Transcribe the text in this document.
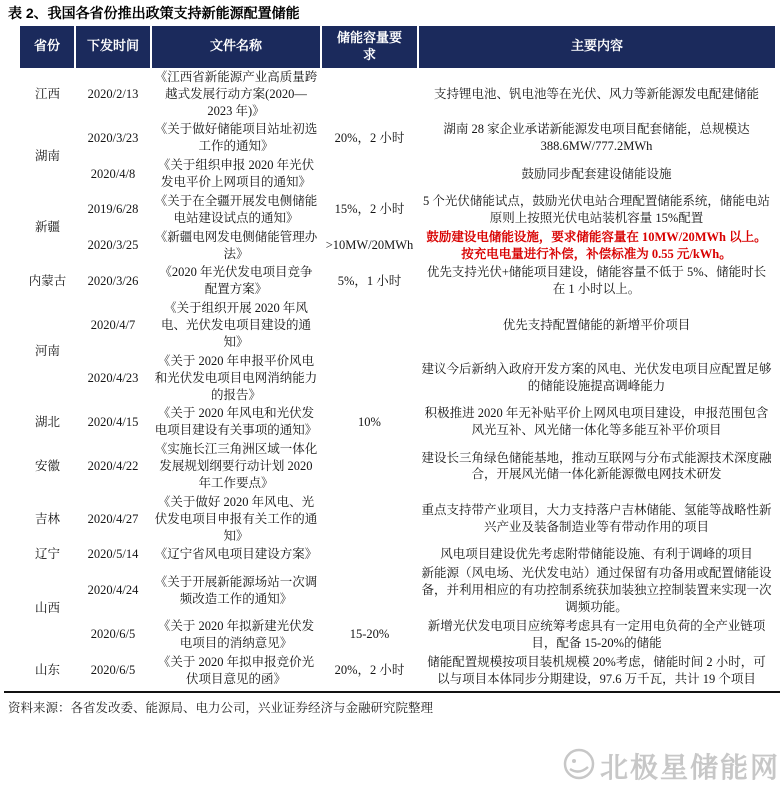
表 2、我国各省份推出政策支持新能源配置储能
省份	下发时间	文件名称	储能容量要求	主要内容
江西	2020/2/13	《江西省新能源产业高质量跨越式发展行动方案(2020—2023 年)》		支持锂电池、钒电池等在光伏、风力等新能源发电配建储能
湖南	2020/3/23	《关于做好储能项目站址初选工作的通知》	20%，2 小时	湖南 28 家企业承诺新能源发电项目配套储能，总规模达 388.6MW/777.2MWh
	2020/4/8	《关于组织申报 2020 年光伏发电平价上网项目的通知》		鼓励同步配套建设储能设施
新疆	2019/6/28	《关于在全疆开展发电侧储能电站建设试点的通知》	15%，2 小时	5 个光伏储能试点，鼓励光伏电站合理配置储能系统，储能电站原则上按照光伏电站装机容量 15%配置
	2020/3/25	《新疆电网发电侧储能管理办法》	>10MW/20MWh	鼓励建设电储能设施，要求储能容量在 10MW/20MWh 以上。按充电电量进行补偿，补偿标准为 0.55 元/kWh。
内蒙古	2020/3/26	《2020 年光伏发电项目竞争配置方案》	5%，1 小时	优先支持光伏+储能项目建设，储能容量不低于 5%、储能时长在 1 小时以上。
河南	2020/4/7	《关于组织开展 2020 年风电、光伏发电项目建设的通知》		优先支持配置储能的新增平价项目
	2020/4/23	《关于 2020 年申报平价风电和光伏发电项目电网消纳能力的报告》		建议今后新纳入政府开发方案的风电、光伏发电项目应配置足够的储能设施提高调峰能力
湖北	2020/4/15	《关于 2020 年风电和光伏发电项目建设有关事项的通知》	10%	积极推进 2020 年无补贴平价上网风电项目建设，申报范围包含风光互补、风光储一体化等多能互补平价项目
安徽	2020/4/22	《实施长江三角洲区域一体化发展规划纲要行动计划 2020 年工作要点》		建设长三角绿色储能基地，推动互联网与分布式能源技术深度融合，开展风光储一体化新能源微电网技术研发
吉林	2020/4/27	《关于做好 2020 年风电、光伏发电项目申报有关工作的通知》		重点支持带产业项目，大力支持落户吉林储能、氢能等战略性新兴产业及装备制造业等有带动作用的项目
辽宁	2020/5/14	《辽宁省风电项目建设方案》		风电项目建设优先考虑附带储能设施、有利于调峰的项目
山西	2020/4/24	《关于开展新能源场站一次调频改造工作的通知》		新能源（风电场、光伏发电站）通过保留有功备用或配置储能设备，并利用相应的有功控制系统获加装独立控制装置来实现一次调频功能。
	2020/6/5	《关于 2020 年拟新建光伏发电项目的消纳意见》	15-20%	新增光伏发电项目应统筹考虑具有一定用电负荷的全产业链项目，配备 15-20%的储能
山东	2020/6/5	《关于 2020 年拟申报竞价光伏项目意见的函》	20%，2 小时	储能配置规模按项目装机规模 20%考虑，储能时间 2 小时，可以与项目本体同步分期建设，97.6 万千瓦，共计 19 个项目
资料来源：各省发改委、能源局、电力公司，兴业证券经济与金融研究院整理
北极星储能网
